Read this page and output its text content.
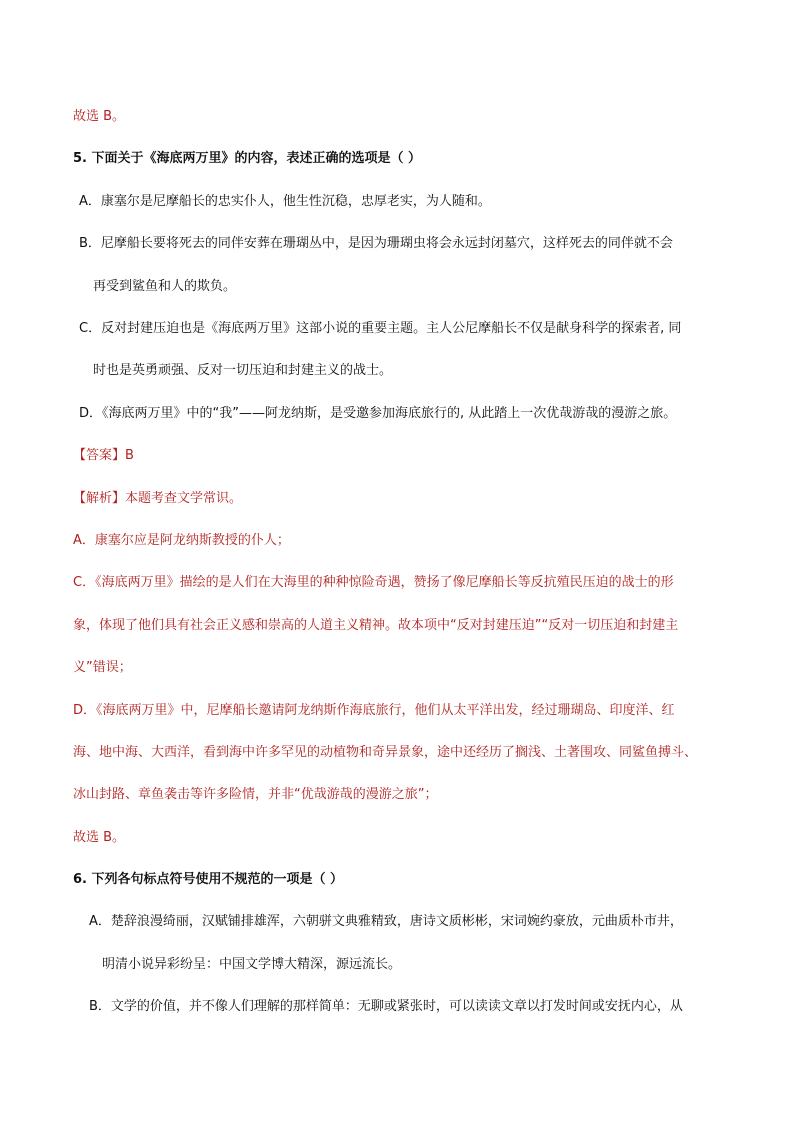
故选 B。
5. 下面关于《海底两万里》的内容，表述正确的选项是（ ）
A．康塞尔是尼摩船长的忠实仆人，他生性沉稳，忠厚老实，为人随和。
B．尼摩船长要将死去的同伴安葬在珊瑚丛中，是因为珊瑚虫将会永远封闭墓穴，这样死去的同伴就不会
再受到鲨鱼和人的欺负。
C．反对封建压迫也是《海底两万里》这部小说的重要主题。主人公尼摩船长不仅是献身科学的探索者, 同
时也是英勇顽强、反对一切压迫和封建主义的战士。
D．《海底两万里》中的“我”——阿龙纳斯，是受邀参加海底旅行的, 从此踏上一次优哉游哉的漫游之旅。
【答案】B
【解析】本题考查文学常识。
A．康塞尔应是阿龙纳斯教授的仆人；
C．《海底两万里》描绘的是人们在大海里的种种惊险奇遇，赞扬了像尼摩船长等反抗殖民压迫的战士的形
象，体现了他们具有社会正义感和崇高的人道主义精神。故本项中“反对封建压迫”“反对一切压迫和封建主
义”错误；
D．《海底两万里》中，尼摩船长邀请阿龙纳斯作海底旅行，他们从太平洋出发，经过珊瑚岛、印度洋、红
海、地中海、大西洋，看到海中许多罕见的动植物和奇异景象，途中还经历了搁浅、土著围攻、同鲨鱼搏斗、
冰山封路、章鱼袭击等许多险情，并非“优哉游哉的漫游之旅”；
故选 B。
6. 下列各句标点符号使用不规范的一项是（ ）
A．楚辞浪漫绮丽，汉赋铺排雄浑，六朝骈文典雅精致，唐诗文质彬彬，宋词婉约豪放，元曲质朴市井，
明清小说异彩纷呈：中国文学博大精深，源远流长。
B．文学的价值，并不像人们理解的那样简单：无聊或紧张时，可以读读文章以打发时间或安抚内心，从
